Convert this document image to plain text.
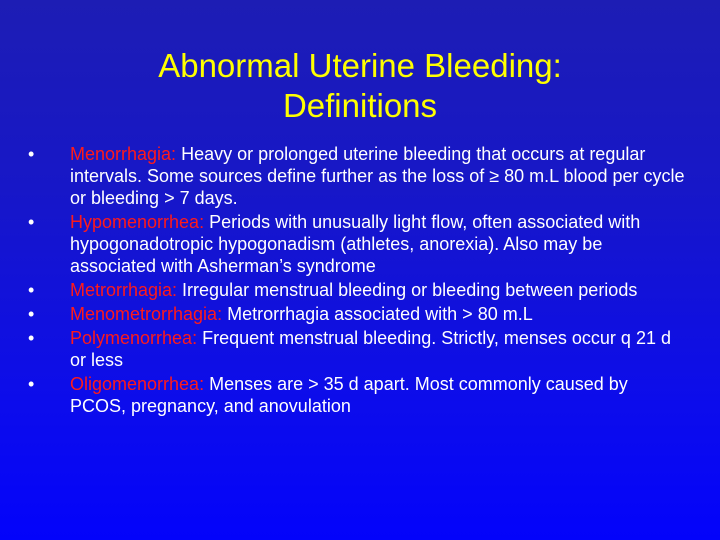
Abnormal Uterine Bleeding:
Definitions
• Menorrhagia: Heavy or prolonged uterine bleeding that occurs at regular intervals. Some sources define further as the loss of ≥ 80 m.L blood per cycle or bleeding > 7 days.
• Hypomenorrhea: Periods with unusually light flow, often associated with hypogonadotropic hypogonadism (athletes, anorexia). Also may be associated with Asherman’s syndrome
• Metrorrhagia: Irregular menstrual bleeding or bleeding between periods
• Menometrorrhagia: Metrorrhagia associated with > 80 m.L
• Polymenorrhea: Frequent menstrual bleeding. Strictly, menses occur q 21 d or less
• Oligomenorrhea: Menses are > 35 d apart. Most commonly caused by PCOS, pregnancy, and anovulation
